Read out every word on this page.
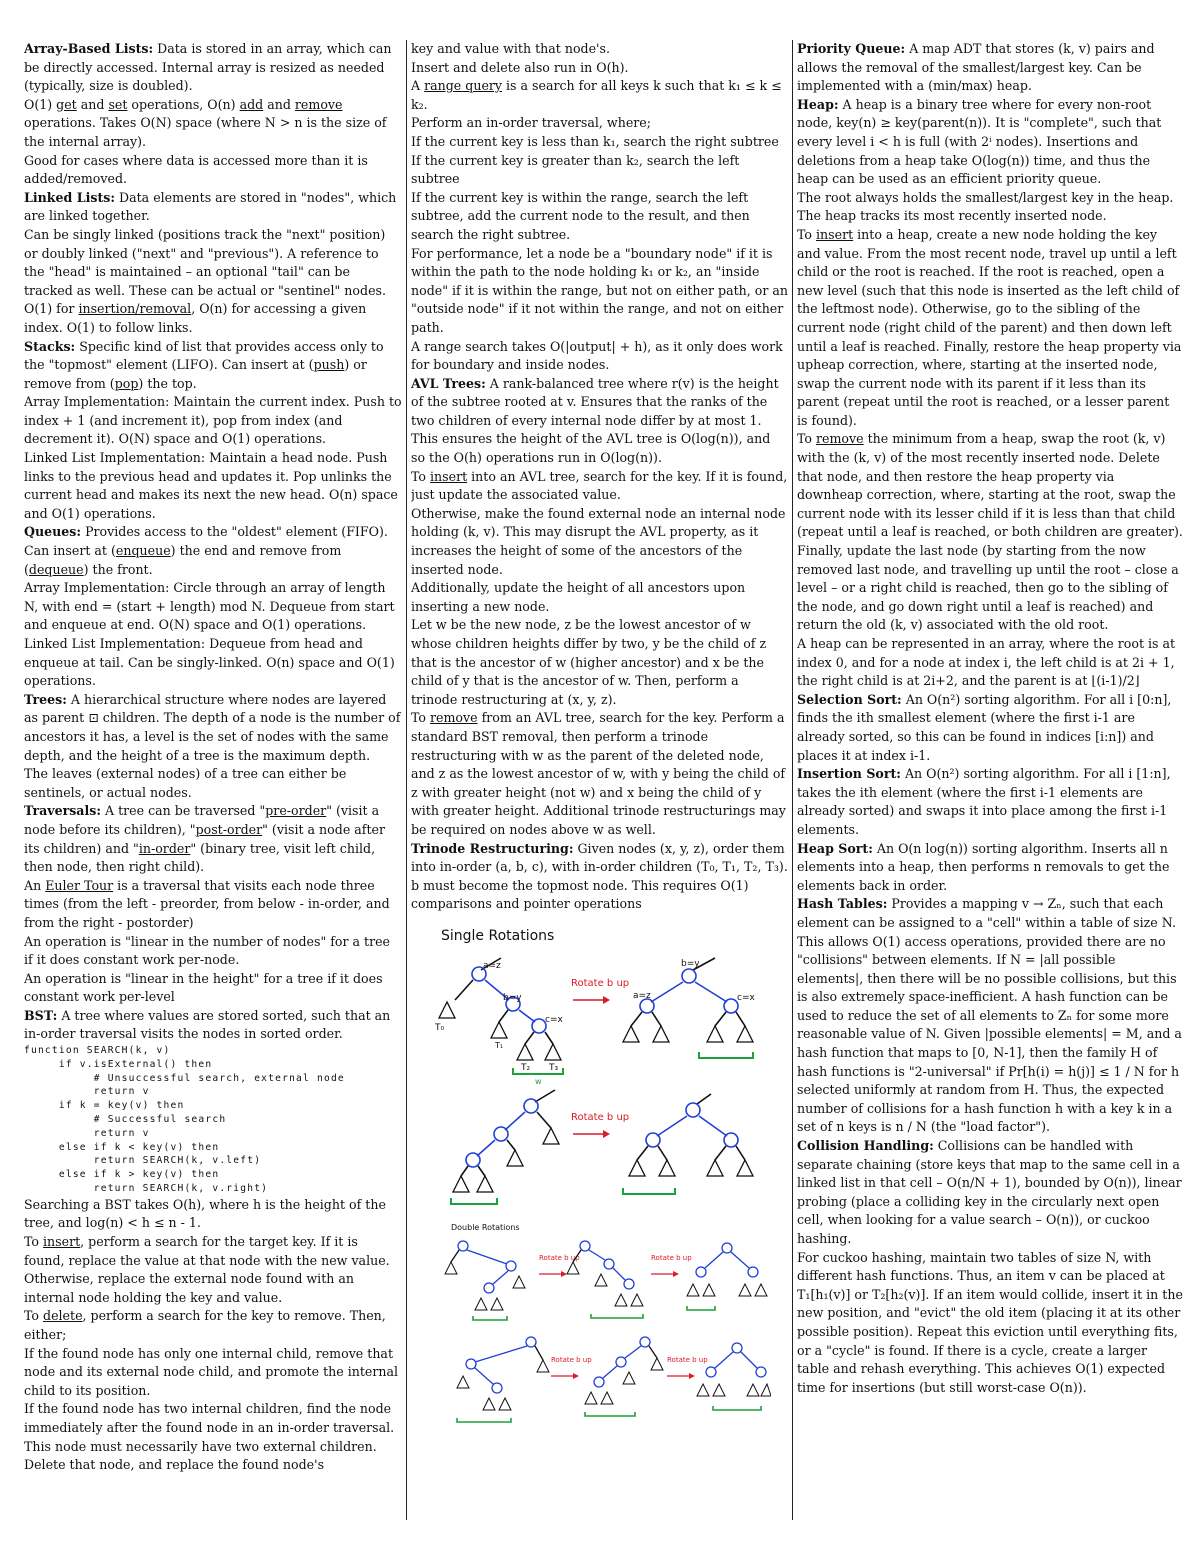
Array-Based Lists: Data is stored in an array, which can be directly accessed. Internal array is resized as needed (typically, size is doubled).

O(1) get and set operations, O(n) add and remove operations. Takes O(N) space (where N > n is the size of the internal array).

Good for cases where data is accessed more than it is added/removed.

Linked Lists: Data elements are stored in "nodes", which are linked together.

Can be singly linked (positions track the "next" position) or doubly linked ("next" and "previous"). A reference to the "head" is maintained – an optional "tail" can be tracked as well. These can be actual or "sentinel" nodes.

O(1) for insertion/removal, O(n) for accessing a given index. O(1) to follow links.

Stacks: Specific kind of list that provides access only to the "topmost" element (LIFO). Can insert at (push) or remove from (pop) the top.

Array Implementation: Maintain the current index. Push to index + 1 (and increment it), pop from index (and decrement it). O(N) space and O(1) operations.

Linked List Implementation: Maintain a head node. Push links to the previous head and updates it. Pop unlinks the current head and makes its next the new head. O(n) space and O(1) operations.

Queues: Provides access to the "oldest" element (FIFO). Can insert at (enqueue) the end and remove from (dequeue) the front.

Array Implementation: Circle through an array of length N, with end = (start + length) mod N. Dequeue from start and enqueue at end. O(N) space and O(1) operations.

Linked List Implementation: Dequeue from head and enqueue at tail. Can be singly-linked. O(n) space and O(1) operations.

Trees: A hierarchical structure where nodes are layered as parent ⊡ children. The depth of a node is the number of ancestors it has, a level is the set of nodes with the same depth, and the height of a tree is the maximum depth.

The leaves (external nodes) of a tree can either be sentinels, or actual nodes.

Traversals: A tree can be traversed "pre-order" (visit a node before its children), "post-order" (visit a node after its children) and "in-order" (binary tree, visit left child, then node, then right child).

An Euler Tour is a traversal that visits each node three times (from the left - preorder, from below - in-order, and from the right - postorder)

An operation is "linear in the number of nodes" for a tree if it does constant work per-node.

An operation is "linear in the height" for a tree if it does constant work per-level

BST: A tree where values are stored sorted, such that an in-order traversal visits the nodes in sorted order.

function SEARCH(k, v)
if v.isExternal() then
# Unsuccessful search, external node
return v
if k = key(v) then
# Successful search
return v
else if k < key(v) then
return SEARCH(k, v.left)
else if k > key(v) then
return SEARCH(k, v.right)

Searching a BST takes O(h), where h is the height of the tree, and log(n) < h ≤ n - 1.

To insert, perform a search for the target key. If it is found, replace the value at that node with the new value. Otherwise, replace the external node found with an internal node holding the key and value.

To delete, perform a search for the key to remove. Then, either;

If the found node has only one internal child, remove that node and its external node child, and promote the internal child to its position.

If the found node has two internal children, find the node immediately after the found node in an in-order traversal. This node must necessarily have two external children. Delete that node, and replace the found node's

key and value with that node's.

Insert and delete also run in O(h).

A range query is a search for all keys k such that k₁ ≤ k ≤ k₂.

Perform an in-order traversal, where;

If the current key is less than k₁, search the right subtree

If the current key is greater than k₂, search the left subtree

If the current key is within the range, search the left subtree, add the current node to the result, and then search the right subtree.

For performance, let a node be a "boundary node" if it is within the path to the node holding k₁ or k₂, an "inside node" if it is within the range, but not on either path, or an "outside node" if it not within the range, and not on either path.

A range search takes O(|output| + h), as it only does work for boundary and inside nodes.

AVL Trees: A rank-balanced tree where r(v) is the height of the subtree rooted at v. Ensures that the ranks of the two children of every internal node differ by at most 1. This ensures the height of the AVL tree is O(log(n)), and so the O(h) operations run in O(log(n)).

To insert into an AVL tree, search for the key. If it is found, just update the associated value.

Otherwise, make the found external node an internal node holding (k, v). This may disrupt the AVL property, as it increases the height of some of the ancestors of the inserted node.

Additionally, update the height of all ancestors upon inserting a new node.

Let w be the new node, z be the lowest ancestor of w whose children heights differ by two, y be the child of z that is the ancestor of w (higher ancestor) and x be the child of y that is the ancestor of w. Then, perform a trinode restructuring at (x, y, z).

To remove from an AVL tree, search for the key. Perform a standard BST removal, then perform a trinode restructuring with w as the parent of the deleted node, and z as the lowest ancestor of w, with y being the child of z with greater height (not w) and x being the child of y with greater height. Additional trinode restructurings may be required on nodes above w as well.

Trinode Restructuring: Given nodes (x, y, z), order them into in-order (a, b, c), with in-order children (T₀, T₁, T₂, T₃). b must become the topmost node. This requires O(1) comparisons and pointer operations

Single Rotations
a=z
b=y
c=x
T₀
T₁
T₂ T₃
w
Rotate b up
b=y
a=z	c=x
Rotate b up
Double Rotations
Rotate b up	Rotate b up
Rotate b up	Rotate b up

Priority Queue: A map ADT that stores (k, v) pairs and allows the removal of the smallest/largest key. Can be implemented with a (min/max) heap.

Heap: A heap is a binary tree where for every non-root node, key(n) ≥ key(parent(n)). It is "complete", such that every level i < h is full (with 2ⁱ nodes). Insertions and deletions from a heap take O(log(n)) time, and thus the heap can be used as an efficient priority queue.

The root always holds the smallest/largest key in the heap. The heap tracks its most recently inserted node.

To insert into a heap, create a new node holding the key and value. From the most recent node, travel up until a left child or the root is reached. If the root is reached, open a new level (such that this node is inserted as the left child of the leftmost node). Otherwise, go to the sibling of the current node (right child of the parent) and then down left until a leaf is reached. Finally, restore the heap property via upheap correction, where, starting at the inserted node, swap the current node with its parent if it less than its parent (repeat until the root is reached, or a lesser parent is found).

To remove the minimum from a heap, swap the root (k, v) with the (k, v) of the most recently inserted node. Delete that node, and then restore the heap property via downheap correction, where, starting at the root, swap the current node with its lesser child if it is less than that child (repeat until a leaf is reached, or both children are greater). Finally, update the last node (by starting from the now removed last node, and travelling up until the root – close a level – or a right child is reached, then go to the sibling of the node, and go down right until a leaf is reached) and return the old (k, v) associated with the old root.

A heap can be represented in an array, where the root is at index 0, and for a node at index i, the left child is at 2i + 1, the right child is at 2i+2, and the parent is at ⌊(i-1)/2⌋

Selection Sort: An O(n²) sorting algorithm. For all i [0:n], finds the ith smallest element (where the first i-1 are already sorted, so this can be found in indices [i:n]) and places it at index i-1.

Insertion Sort: An O(n²) sorting algorithm. For all i [1:n], takes the ith element (where the first i-1 elements are already sorted) and swaps it into place among the first i-1 elements.

Heap Sort: An O(n log(n)) sorting algorithm. Inserts all n elements into a heap, then performs n removals to get the elements back in order.

Hash Tables: Provides a mapping v → Zₙ, such that each element can be assigned to a "cell" within a table of size N. This allows O(1) access operations, provided there are no "collisions" between elements. If N = |all possible elements|, then there will be no possible collisions, but this is also extremely space-inefficient. A hash function can be used to reduce the set of all elements to Zₙ for some more reasonable value of N. Given |possible elements| = M, and a hash function that maps to [0, N-1], then the family H of hash functions is "2-universal" if Pr[h(i) = h(j)] ≤ 1 / N for h selected uniformly at random from H. Thus, the expected number of collisions for a hash function h with a key k in a set of n keys is n / N (the "load factor").

Collision Handling: Collisions can be handled with separate chaining (store keys that map to the same cell in a linked list in that cell – O(n/N + 1), bounded by O(n)), linear probing (place a colliding key in the circularly next open cell, when looking for a value search – O(n)), or cuckoo hashing.

For cuckoo hashing, maintain two tables of size N, with different hash functions. Thus, an item v can be placed at T₁[h₁(v)] or T₂[h₂(v)]. If an item would collide, insert it in the new position, and "evict" the old item (placing it at its other possible position). Repeat this eviction until everything fits, or a "cycle" is found. If there is a cycle, create a larger table and rehash everything. This achieves O(1) expected time for insertions (but still worst-case O(n)).
